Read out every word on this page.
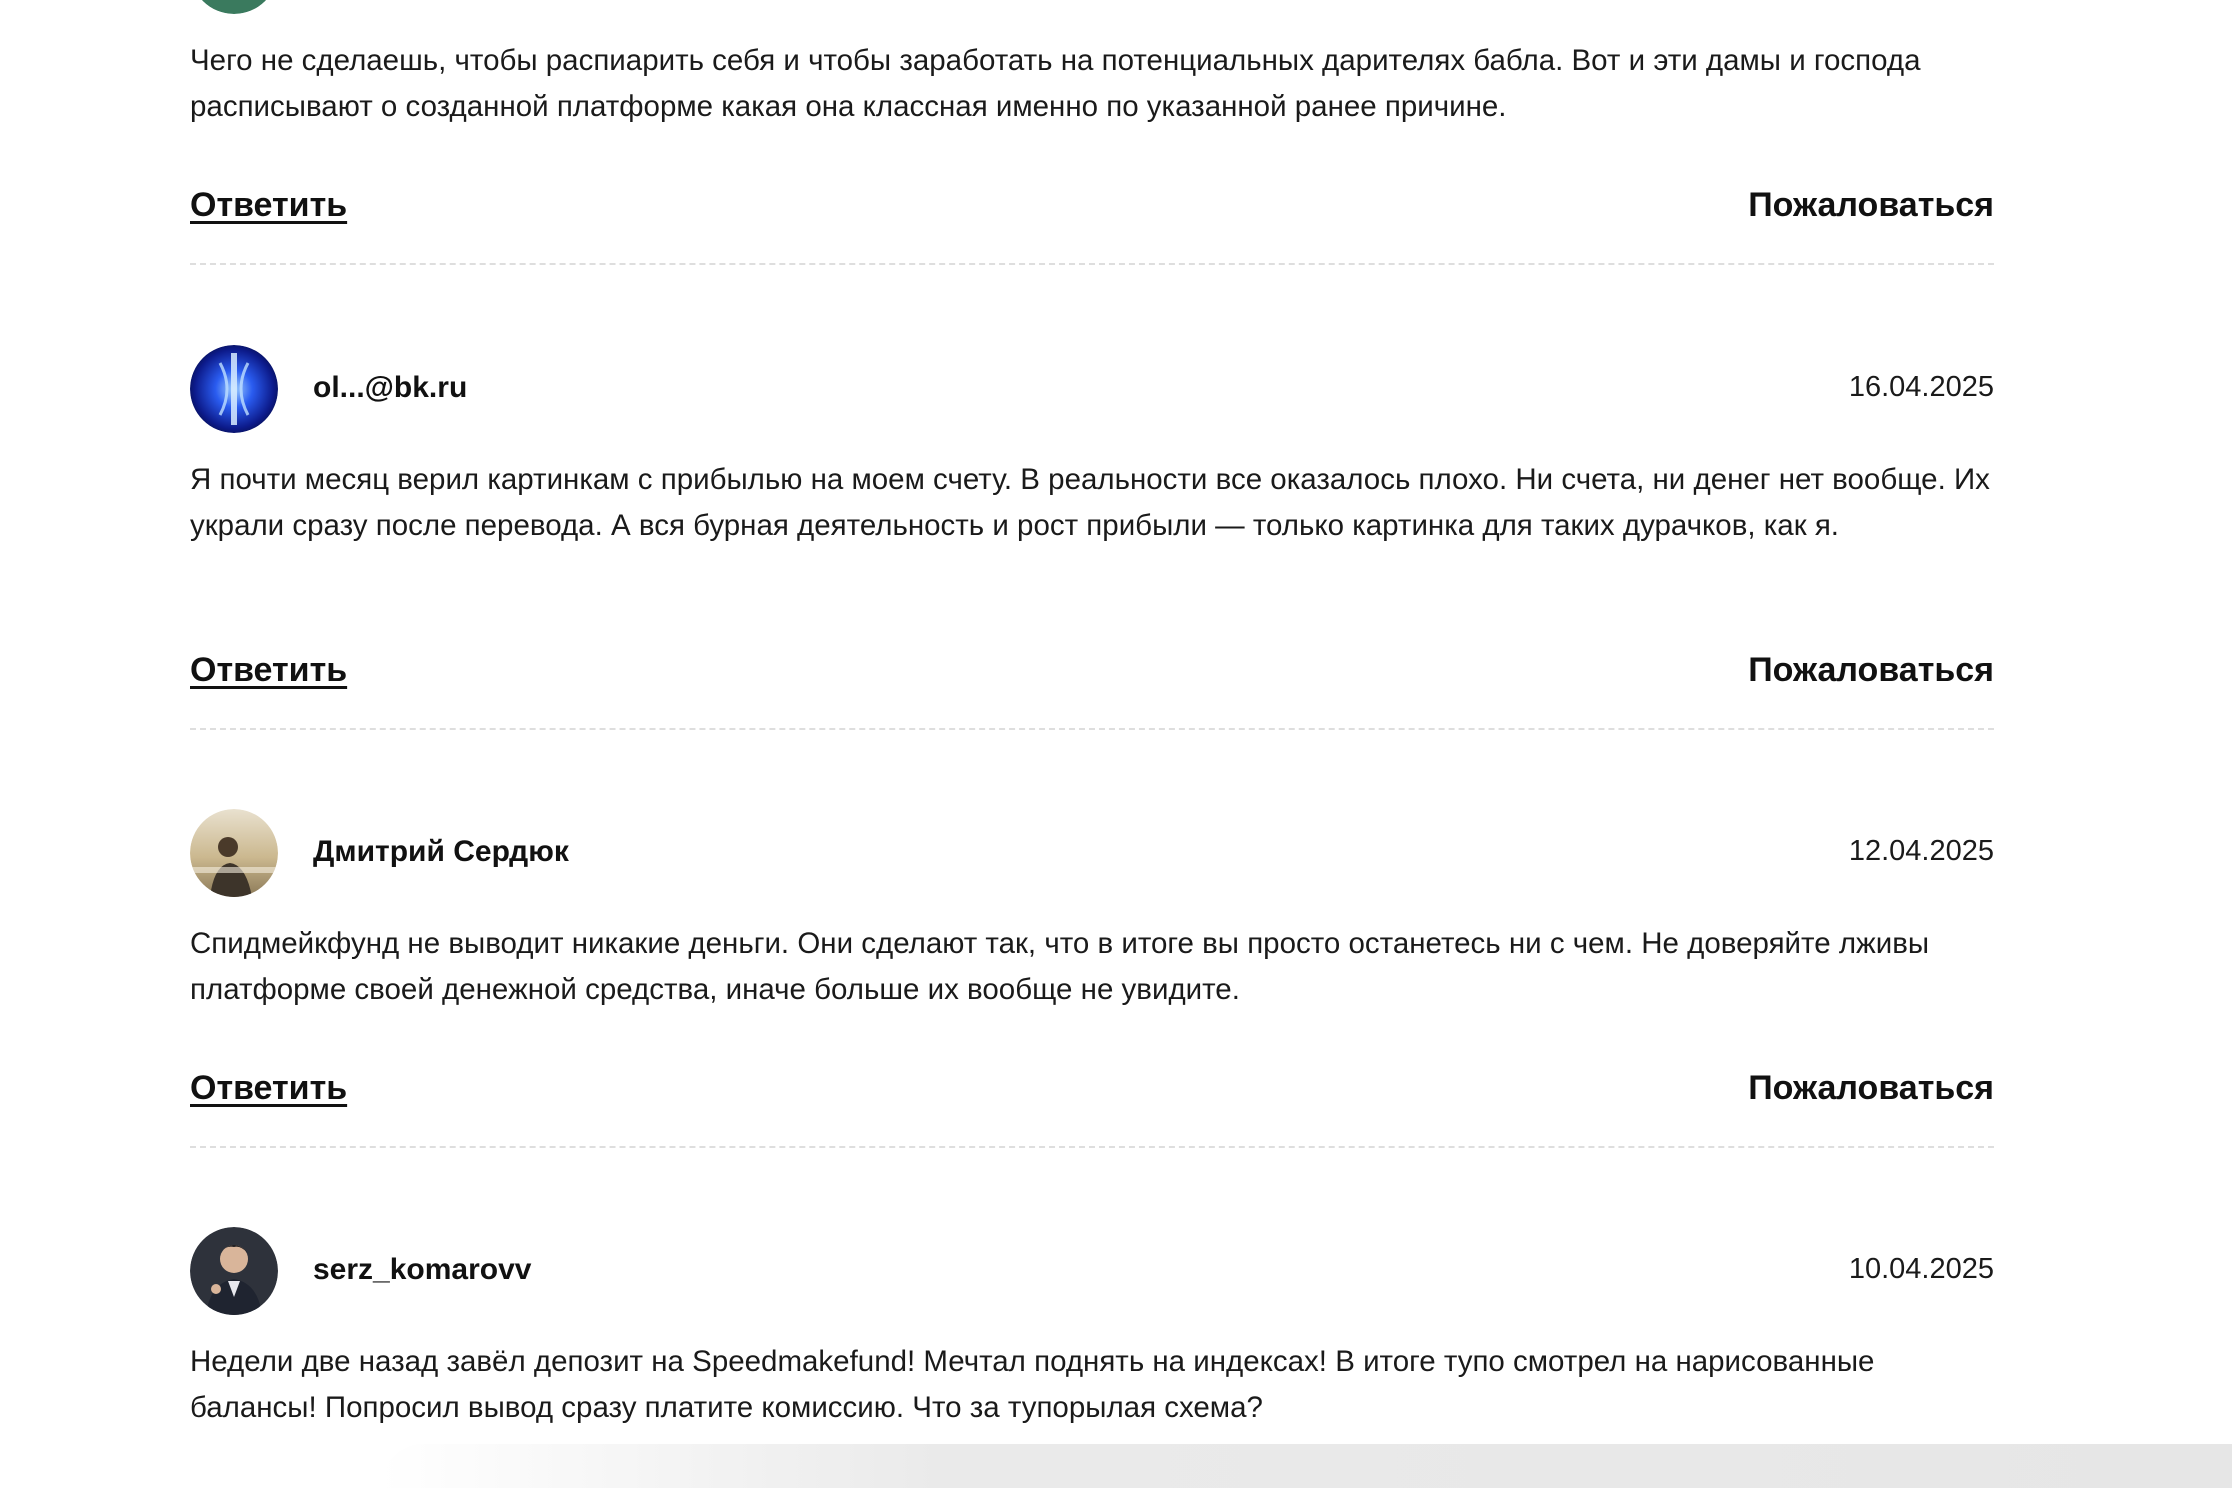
Чего не сделаешь, чтобы распиарить себя и чтобы заработать на потенциальных дарителях бабла. Вот и эти дамы и господа расписывают о созданной платформе какая она классная именно по указанной ранее причине.

Ответить	Пожаловаться
ol...@bk.ru	16.04.2025

Я почти месяц верил картинкам с прибылью на моем счету. В реальности все оказалось плохо. Ни счета, ни денег нет вообще. Их украли сразу после перевода. А вся бурная деятельность и рост прибыли — только картинка для таких дурачков, как я.

Ответить	Пожаловаться
Дмитрий Сердюк	12.04.2025

Спидмейкфунд не выводит никакие деньги. Они сделают так, что в итоге вы просто останетесь ни с чем. Не доверяйте лживы платформе своей денежной средства, иначе больше их вообще не увидите.

Ответить	Пожаловаться
serz_komarovv	10.04.2025

Недели две назад завёл депозит на Speedmakefund! Мечтал поднять на индексах! В итоге тупо смотрел на нарисованные балансы! Попросил вывод сразу платите комиссию. Что за тупорылая схема?
